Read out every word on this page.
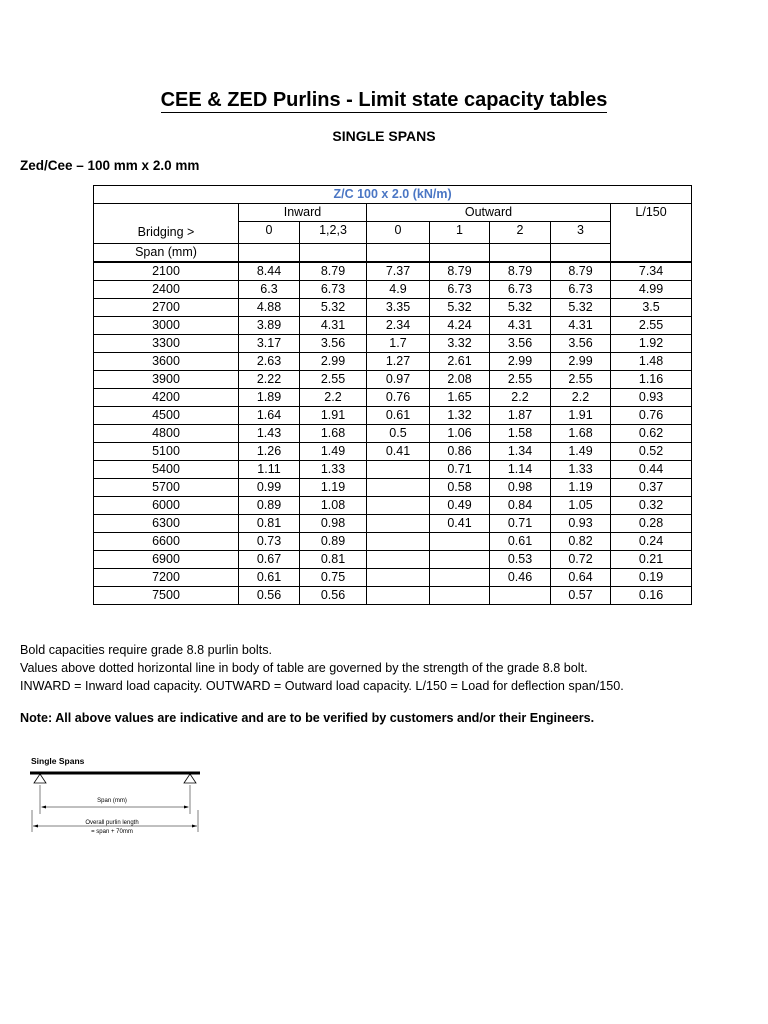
CEE & ZED Purlins - Limit state capacity tables
SINGLE SPANS
Zed/Cee – 100 mm x 2.0 mm
Z/C 100 x 2.0 (kN/m)							

Bridging >	Inward		Outward				L/150
	0	1,2,3	0	1	2	3	

Span (mm)							
2100	8.44	8.79	7.37	8.79	8.79	8.79	7.34
2400	6.3	6.73	4.9	6.73	6.73	6.73	4.99
2700	4.88	5.32	3.35	5.32	5.32	5.32	3.5
3000	3.89	4.31	2.34	4.24	4.31	4.31	2.55
3300	3.17	3.56	1.7	3.32	3.56	3.56	1.92
3600	2.63	2.99	1.27	2.61	2.99	2.99	1.48
3900	2.22	2.55	0.97	2.08	2.55	2.55	1.16
4200	1.89	2.2	0.76	1.65	2.2	2.2	0.93
4500	1.64	1.91	0.61	1.32	1.87	1.91	0.76
4800	1.43	1.68	0.5	1.06	1.58	1.68	0.62
5100	1.26	1.49	0.41	0.86	1.34	1.49	0.52
5400	1.11	1.33		0.71	1.14	1.33	0.44
5700	0.99	1.19		0.58	0.98	1.19	0.37
6000	0.89	1.08		0.49	0.84	1.05	0.32
6300	0.81	0.98		0.41	0.71	0.93	0.28
6600	0.73	0.89			0.61	0.82	0.24
6900	0.67	0.81			0.53	0.72	0.21
7200	0.61	0.75			0.46	0.64	0.19
7500	0.56	0.56				0.57	0.16
Bold capacities require grade 8.8 purlin bolts.
Values above dotted horizontal line in body of table are governed by the strength of the grade 8.8 bolt.
INWARD = Inward load capacity. OUTWARD = Outward load capacity. L/150 = Load for deflection span/150.
Note: All above values are indicative and are to be verified by customers and/or their Engineers.
Single Spans
Span (mm)
Overall purlin length
= span + 70mm
